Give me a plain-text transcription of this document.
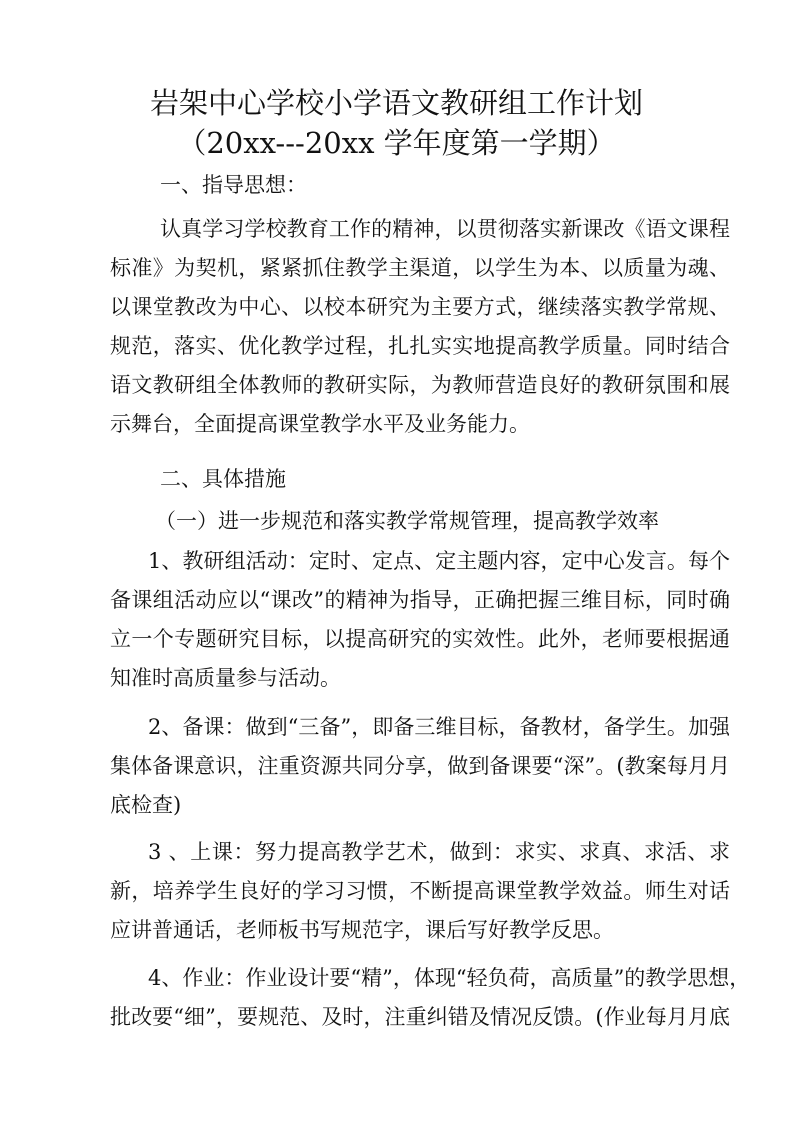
岩架中心学校小学语文教研组工作计划
（20xx---20xx 学年度第一学期）
一、指导思想：
认真学习学校教育工作的精神，以贯彻落实新课改《语文课程
标准》为契机，紧紧抓住教学主渠道，以学生为本、以质量为魂、
以课堂教改为中心、以校本研究为主要方式，继续落实教学常规、
规范，落实、优化教学过程，扎扎实实地提高教学质量。同时结合
语文教研组全体教师的教研实际，为教师营造良好的教研氛围和展
示舞台，全面提高课堂教学水平及业务能力。
二、具体措施
（一）进一步规范和落实教学常规管理，提高教学效率
1、教研组活动：定时、定点、定主题内容，定中心发言。每个
备课组活动应以“课改”的精神为指导，正确把握三维目标，同时确
立一个专题研究目标，以提高研究的实效性。此外，老师要根据通
知准时高质量参与活动。
2、备课：做到“三备”，即备三维目标，备教材，备学生。加强
集体备课意识，注重资源共同分享，做到备课要“深”。(教案每月月
底检查)
3 、上课：努力提高教学艺术，做到：求实、求真、求活、求
新，培养学生良好的学习习惯，不断提高课堂教学效益。师生对话
应讲普通话，老师板书写规范字，课后写好教学反思。
4、作业：作业设计要“精”，体现“轻负荷，高质量”的教学思想，
批改要“细”，要规范、及时，注重纠错及情况反馈。(作业每月月底
